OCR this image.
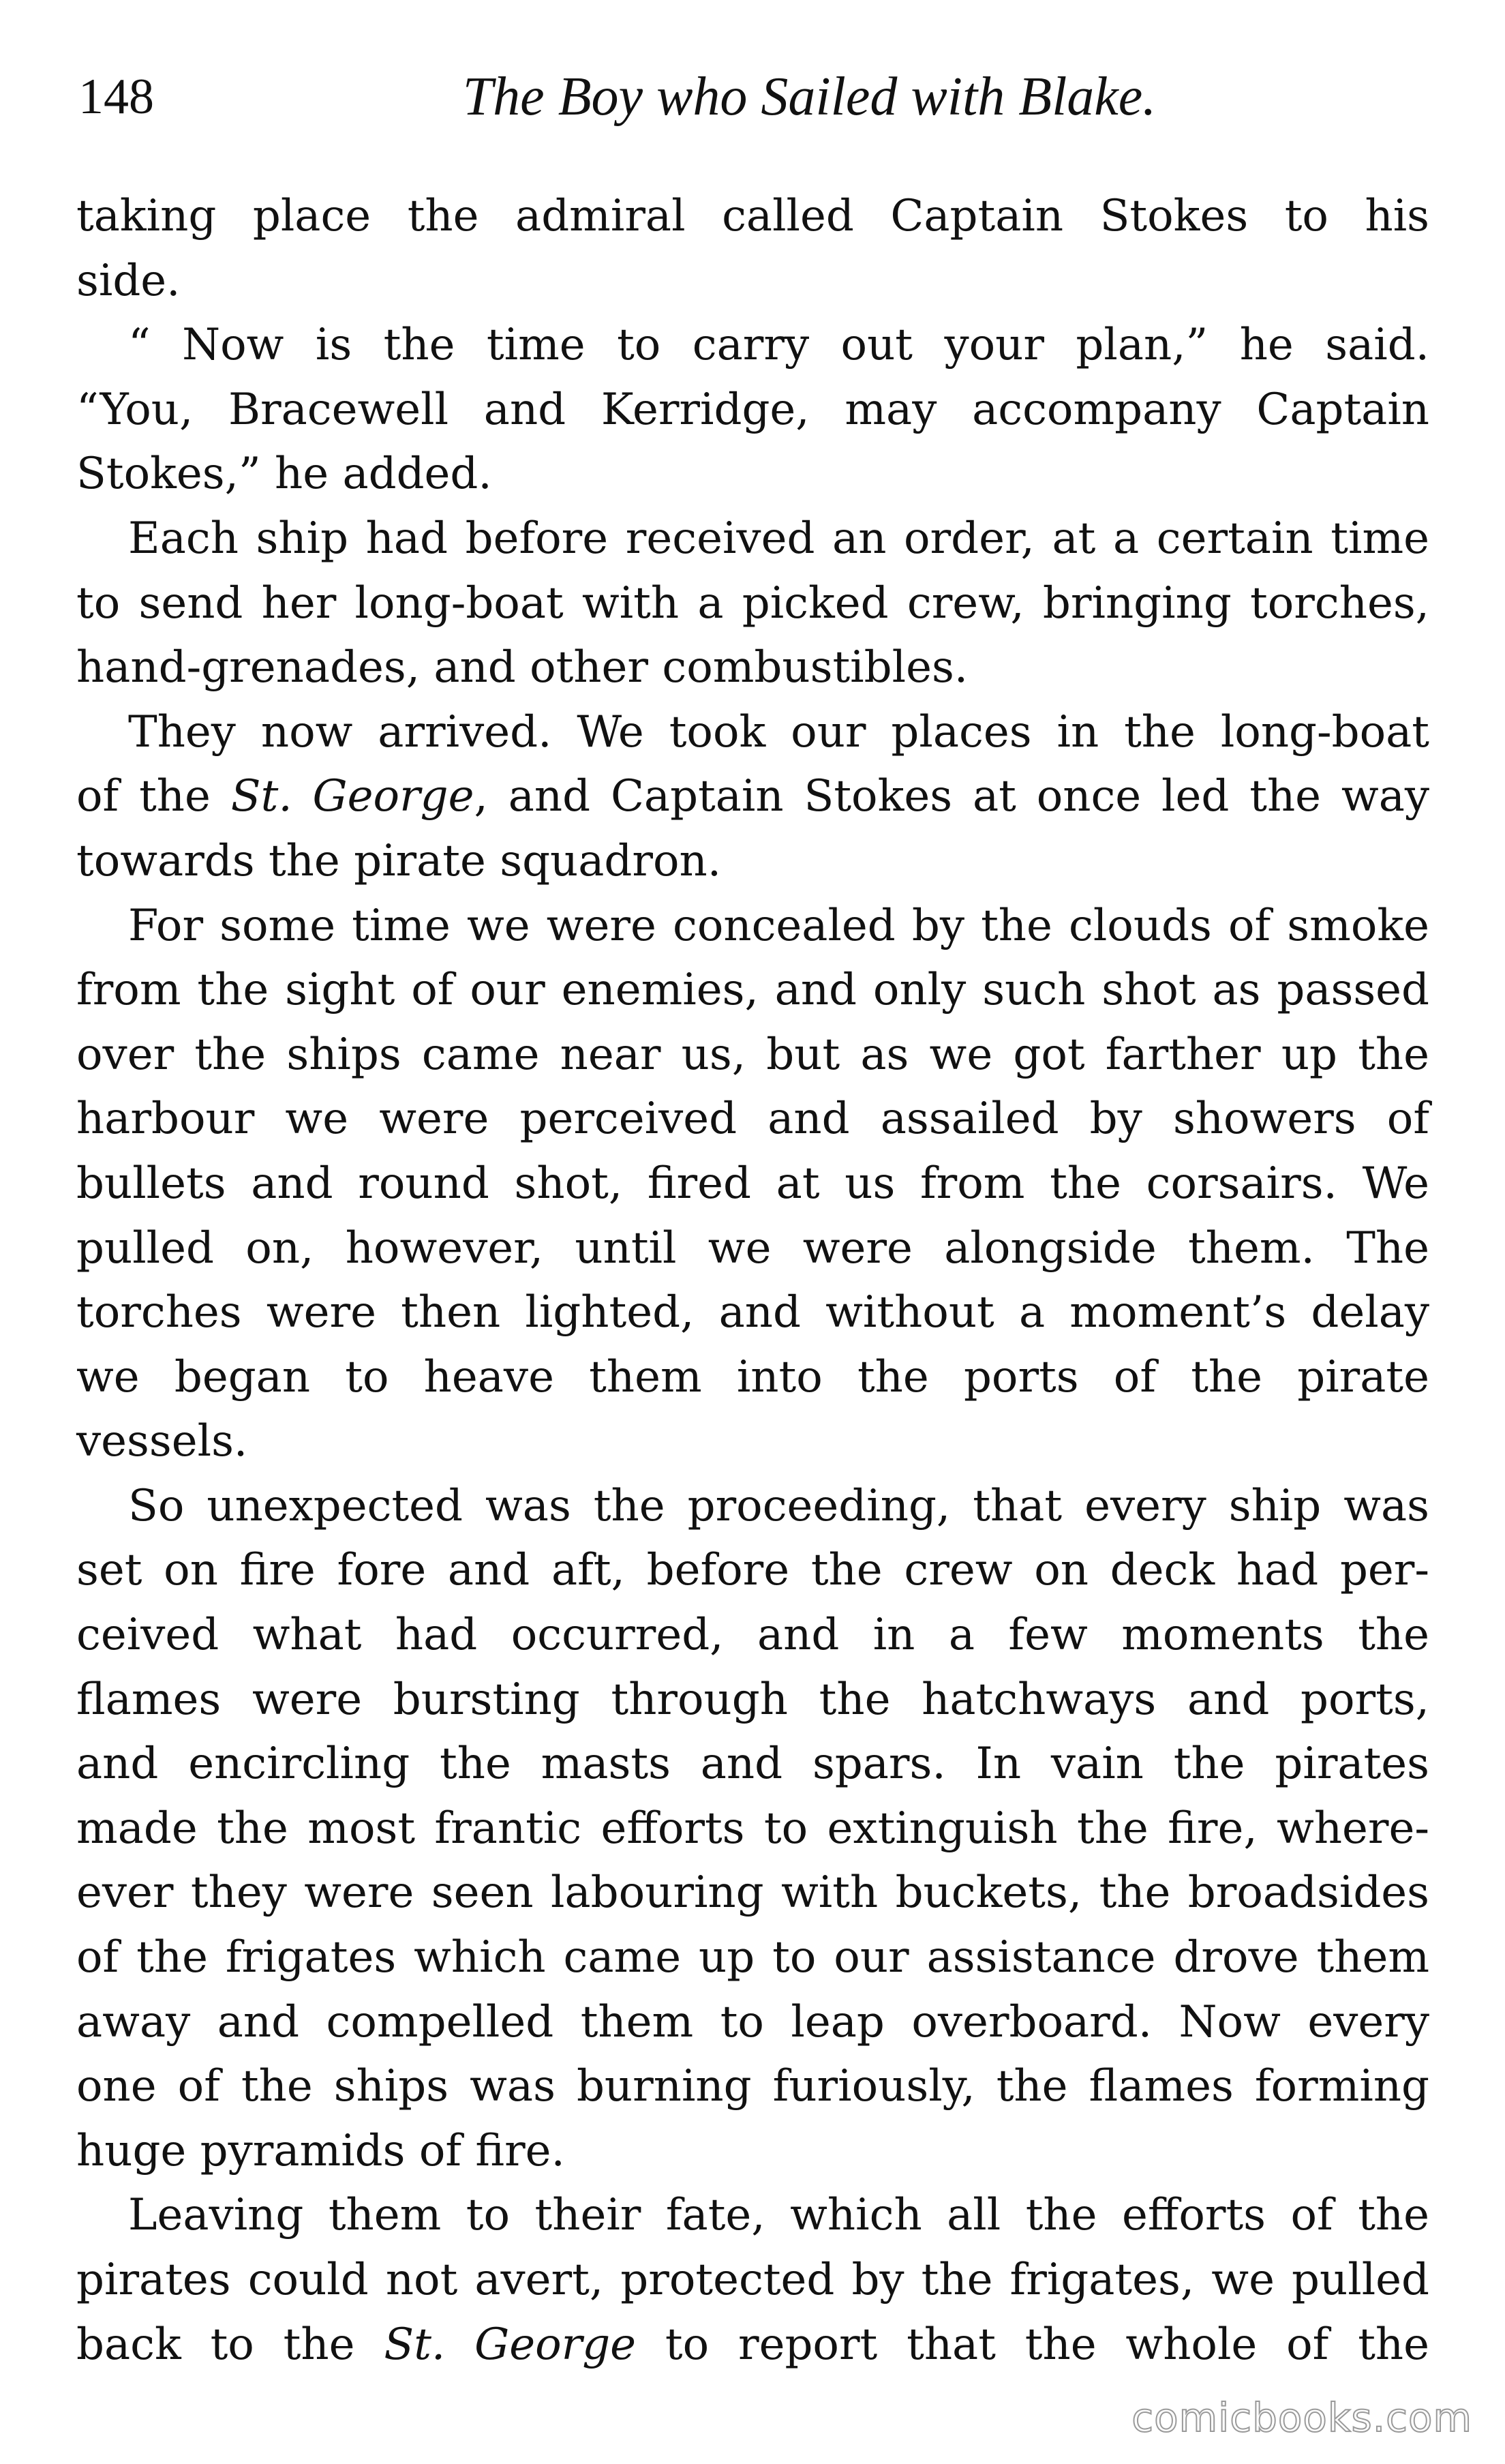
148	The Boy who Sailed with Blake.

taking place the admiral called Captain Stokes to his
side.

“ Now is the time to carry out your plan,” he said.
“You, Bracewell and Kerridge, may accompany Captain
Stokes,” he added.

Each ship had before received an order, at a certain time
to send her long-boat with a picked crew, bringing torches,
hand-grenades, and other combustibles.

They now arrived. We took our places in the long-boat
of the St. George, and Captain Stokes at once led the way
towards the pirate squadron.

For some time we were concealed by the clouds of smoke
from the sight of our enemies, and only such shot as passed
over the ships came near us, but as we got farther up the
harbour we were perceived and assailed by showers of
bullets and round shot, fired at us from the corsairs. We
pulled on, however, until we were alongside them. The
torches were then lighted, and without a moment’s delay
we began to heave them into the ports of the pirate
vessels.

So unexpected was the proceeding, that every ship was
set on fire fore and aft, before the crew on deck had per-
ceived what had occurred, and in a few moments the
flames were bursting through the hatchways and ports,
and encircling the masts and spars. In vain the pirates
made the most frantic efforts to extinguish the fire, where-
ever they were seen labouring with buckets, the broadsides
of the frigates which came up to our assistance drove them
away and compelled them to leap overboard. Now every
one of the ships was burning furiously, the flames forming
huge pyramids of fire.

Leaving them to their fate, which all the efforts of the
pirates could not avert, protected by the frigates, we pulled
back to the St. George to report that the whole of the

comicbooks.com
